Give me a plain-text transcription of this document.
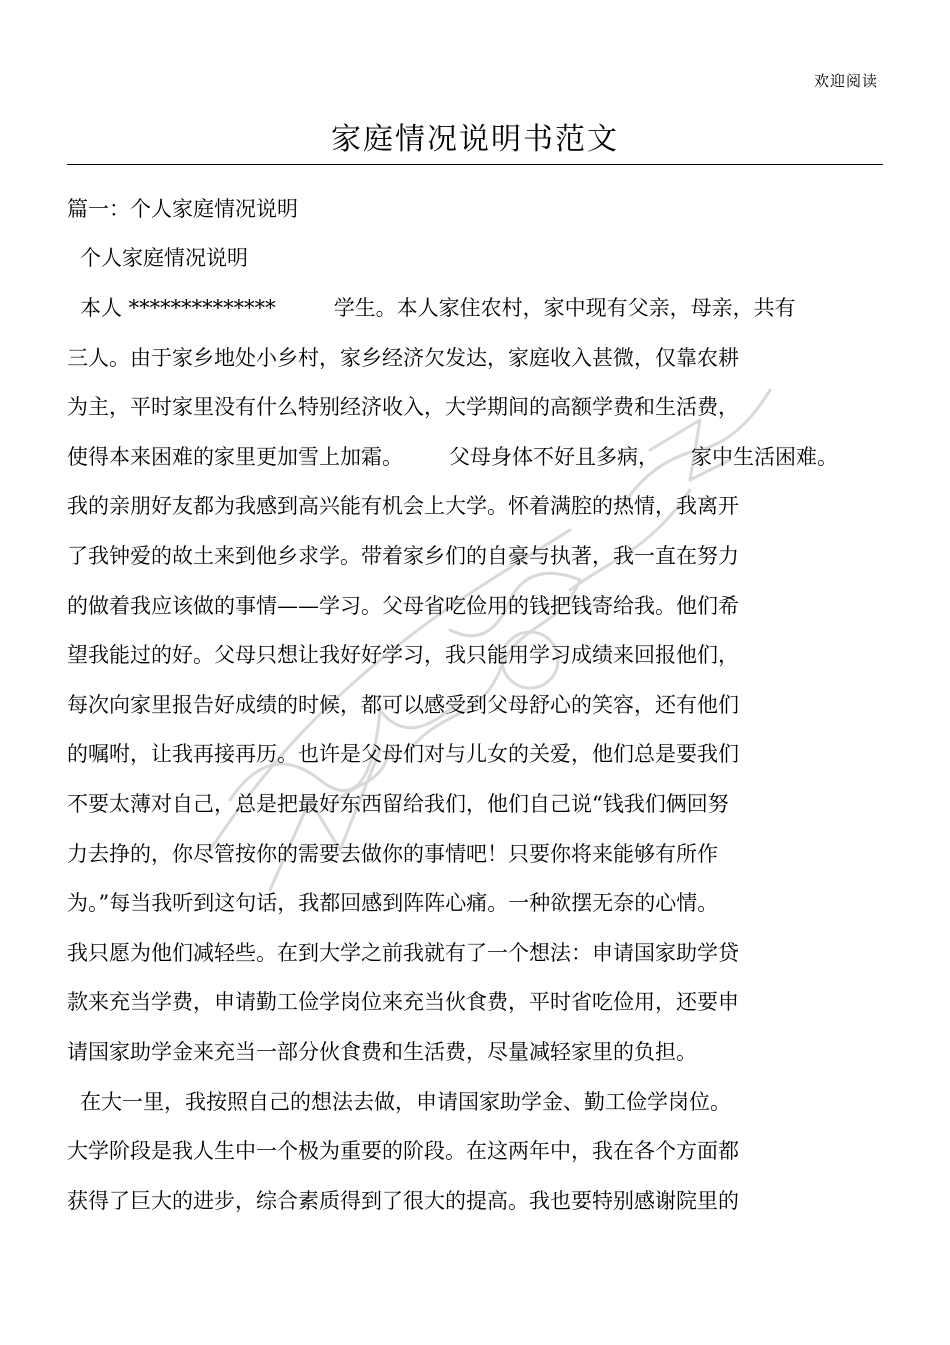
欢迎阅读
家庭情况说明书范文
篇一：个人家庭情况说明
个人家庭情况说明
本人 **************	学生。本人家住农村，家中现有父亲，母亲，共有
三人。由于家乡地处小乡村，家乡经济欠发达，家庭收入甚微，仅靠农耕
为主，平时家里没有什么特别经济收入，大学期间的高额学费和生活费，
使得本来困难的家里更加雪上加霜。 父母身体不好且多病， 家中生活困难。
我的亲朋好友都为我感到高兴能有机会上大学。怀着满腔的热情，我离开
了我钟爱的故土来到他乡求学。带着家乡们的自豪与执著，我一直在努力
的做着我应该做的事情——学习。父母省吃俭用的钱把钱寄给我。他们希
望我能过的好。父母只想让我好好学习，我只能用学习成绩来回报他们，
每次向家里报告好成绩的时候，都可以感受到父母舒心的笑容，还有他们
的嘱咐，让我再接再历。也许是父母们对与儿女的关爱，他们总是要我们
不要太薄对自己，总是把最好东西留给我们，他们自己说“钱我们俩回努
力去挣的，你尽管按你的需要去做你的事情吧！只要你将来能够有所作
为。”每当我听到这句话，我都回感到阵阵心痛。一种欲摆无奈的心情。
我只愿为他们减轻些。在到大学之前我就有了一个想法：申请国家助学贷
款来充当学费，申请勤工俭学岗位来充当伙食费，平时省吃俭用，还要申
请国家助学金来充当一部分伙食费和生活费，尽量减轻家里的负担。
在大一里，我按照自己的想法去做，申请国家助学金、勤工俭学岗位。
大学阶段是我人生中一个极为重要的阶段。在这两年中，我在各个方面都
获得了巨大的进步，综合素质得到了很大的提高。我也要特别感谢院里的
